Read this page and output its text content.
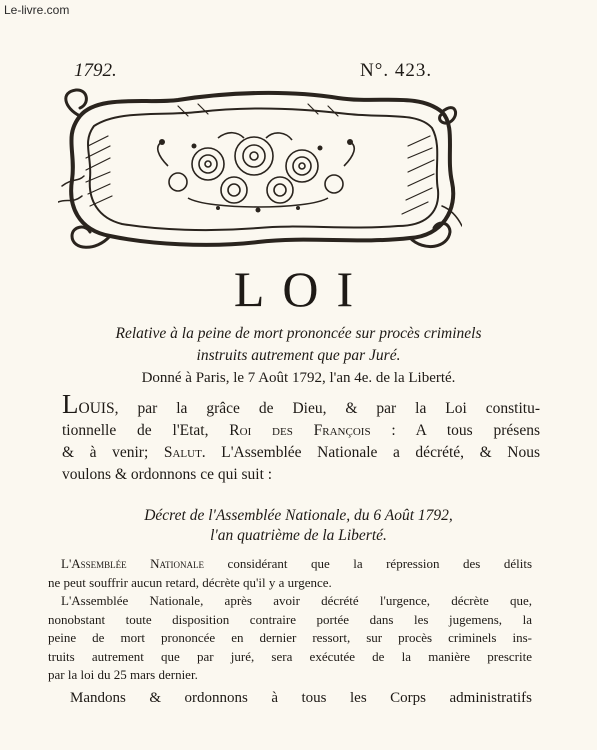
Le-livre.com
1792.	N°. 423.
LOI
Relative à la peine de mort prononcée sur procès criminels
instruits autrement que par Juré.
Donné à Paris, le 7 Août 1792, l'an 4e. de la Liberté.
LOUIS, par la grâce de Dieu, & par la Loi constitu-
tionnelle de l'Etat, Roi des François : A tous présens
& à venir; Salut. L'Assemblée Nationale a décrété, & Nous
voulons & ordonnons ce qui suit :
Décret de l'Assemblée Nationale, du 6 Août 1792,
l'an quatrième de la Liberté.
 L'Assemblée Nationale considérant que la répression des délits
ne peut souffrir aucun retard, décrète qu'il y a urgence.
 L'Assemblée Nationale, après avoir décrété l'urgence, décrète que,
nonobstant toute disposition contraire portée dans les jugemens, la
peine de mort prononcée en dernier ressort, sur procès criminels ins-
truits autrement que par juré, sera exécutée de la manière prescrite
par la loi du 25 mars dernier.
Mandons & ordonnons à tous les Corps administratifs
